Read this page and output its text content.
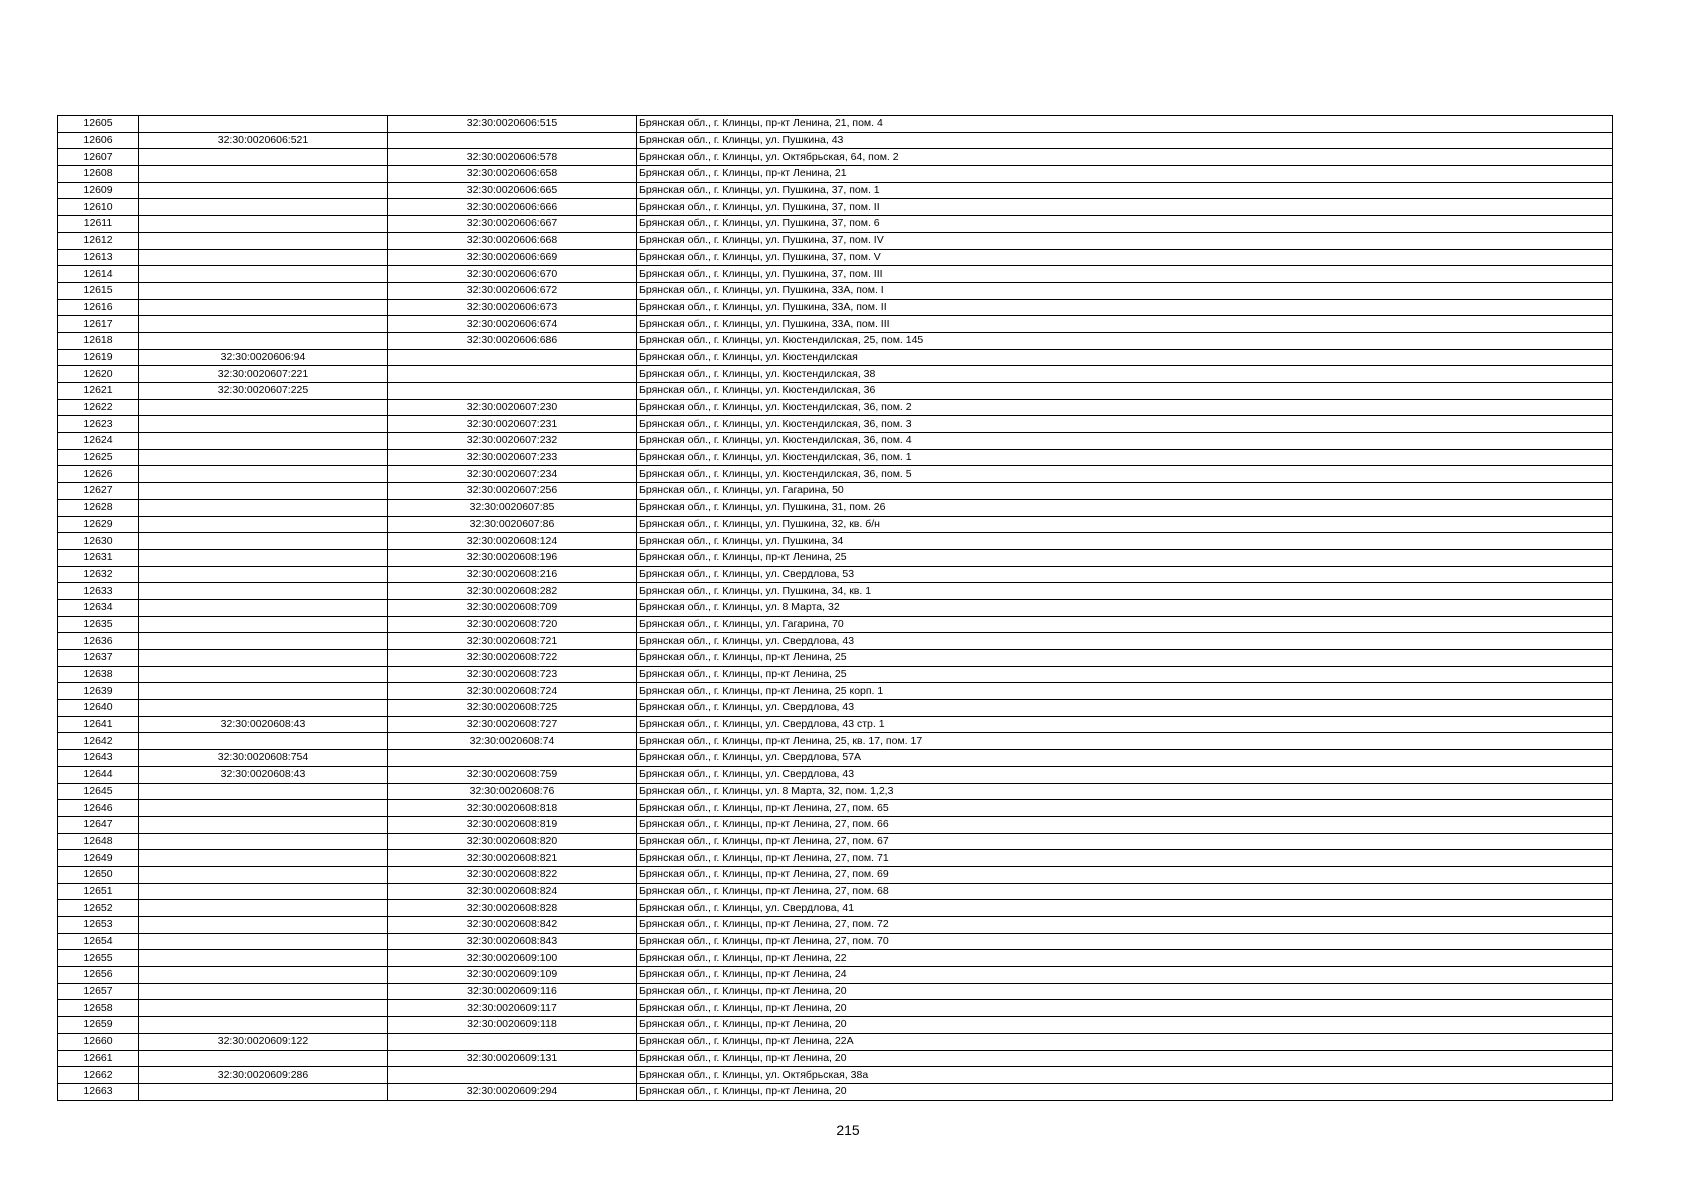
12605		32:30:0020606:515	Брянская обл., г. Клинцы, пр-кт Ленина, 21, пом. 4
12606	32:30:0020606:521		Брянская обл., г. Клинцы, ул. Пушкина, 43
12607		32:30:0020606:578	Брянская обл., г. Клинцы, ул. Октябрьская, 64, пом. 2
12608		32:30:0020606:658	Брянская обл., г. Клинцы, пр-кт Ленина, 21
12609		32:30:0020606:665	Брянская обл., г. Клинцы, ул. Пушкина, 37, пом. 1
12610		32:30:0020606:666	Брянская обл., г. Клинцы, ул. Пушкина, 37, пом. II
12611		32:30:0020606:667	Брянская обл., г. Клинцы, ул. Пушкина, 37, пом. 6
12612		32:30:0020606:668	Брянская обл., г. Клинцы, ул. Пушкина, 37, пом. IV
12613		32:30:0020606:669	Брянская обл., г. Клинцы, ул. Пушкина, 37, пом. V
12614		32:30:0020606:670	Брянская обл., г. Клинцы, ул. Пушкина, 37, пом. III
12615		32:30:0020606:672	Брянская обл., г. Клинцы, ул. Пушкина, 33А, пом. I
12616		32:30:0020606:673	Брянская обл., г. Клинцы, ул. Пушкина, 33А, пом. II
12617		32:30:0020606:674	Брянская обл., г. Клинцы, ул. Пушкина, 33А, пом. III
12618		32:30:0020606:686	Брянская обл., г. Клинцы, ул. Кюстендилская, 25, пом. 145
12619	32:30:0020606:94		Брянская обл., г. Клинцы, ул. Кюстендилская
12620	32:30:0020607:221		Брянская обл., г. Клинцы, ул. Кюстендилская, 38
12621	32:30:0020607:225		Брянская обл., г. Клинцы, ул. Кюстендилская, 36
12622		32:30:0020607:230	Брянская обл., г. Клинцы, ул. Кюстендилская, 36, пом. 2
12623		32:30:0020607:231	Брянская обл., г. Клинцы, ул. Кюстендилская, 36, пом. 3
12624		32:30:0020607:232	Брянская обл., г. Клинцы, ул. Кюстендилская, 36, пом. 4
12625		32:30:0020607:233	Брянская обл., г. Клинцы, ул. Кюстендилская, 36, пом. 1
12626		32:30:0020607:234	Брянская обл., г. Клинцы, ул. Кюстендилская, 36, пом. 5
12627		32:30:0020607:256	Брянская обл., г. Клинцы, ул. Гагарина, 50
12628		32:30:0020607:85	Брянская обл., г. Клинцы, ул. Пушкина, 31, пом. 26
12629		32:30:0020607:86	Брянская обл., г. Клинцы, ул. Пушкина, 32, кв. б/н
12630		32:30:0020608:124	Брянская обл., г. Клинцы, ул. Пушкина, 34
12631		32:30:0020608:196	Брянская обл., г. Клинцы, пр-кт Ленина, 25
12632		32:30:0020608:216	Брянская обл., г. Клинцы, ул. Свердлова, 53
12633		32:30:0020608:282	Брянская обл., г. Клинцы, ул. Пушкина, 34, кв. 1
12634		32:30:0020608:709	Брянская обл., г. Клинцы, ул. 8 Марта, 32
12635		32:30:0020608:720	Брянская обл., г. Клинцы, ул. Гагарина, 70
12636		32:30:0020608:721	Брянская обл., г. Клинцы, ул. Свердлова, 43
12637		32:30:0020608:722	Брянская обл., г. Клинцы, пр-кт Ленина, 25
12638		32:30:0020608:723	Брянская обл., г. Клинцы, пр-кт Ленина, 25
12639		32:30:0020608:724	Брянская обл., г. Клинцы, пр-кт Ленина, 25 корп. 1
12640		32:30:0020608:725	Брянская обл., г. Клинцы, ул. Свердлова, 43
12641	32:30:0020608:43	32:30:0020608:727	Брянская обл., г. Клинцы, ул. Свердлова, 43 стр. 1
12642		32:30:0020608:74	Брянская обл., г. Клинцы, пр-кт Ленина, 25, кв. 17, пом. 17
12643	32:30:0020608:754		Брянская обл., г. Клинцы, ул. Свердлова, 57А
12644	32:30:0020608:43	32:30:0020608:759	Брянская обл., г. Клинцы, ул. Свердлова, 43
12645		32:30:0020608:76	Брянская обл., г. Клинцы, ул. 8 Марта, 32, пом. 1,2,3
12646		32:30:0020608:818	Брянская обл., г. Клинцы, пр-кт Ленина, 27, пом. 65
12647		32:30:0020608:819	Брянская обл., г. Клинцы, пр-кт Ленина, 27, пом. 66
12648		32:30:0020608:820	Брянская обл., г. Клинцы, пр-кт Ленина, 27, пом. 67
12649		32:30:0020608:821	Брянская обл., г. Клинцы, пр-кт Ленина, 27, пом. 71
12650		32:30:0020608:822	Брянская обл., г. Клинцы, пр-кт Ленина, 27, пом. 69
12651		32:30:0020608:824	Брянская обл., г. Клинцы, пр-кт Ленина, 27, пом. 68
12652		32:30:0020608:828	Брянская обл., г. Клинцы, ул. Свердлова, 41
12653		32:30:0020608:842	Брянская обл., г. Клинцы, пр-кт Ленина, 27, пом. 72
12654		32:30:0020608:843	Брянская обл., г. Клинцы, пр-кт Ленина, 27, пом. 70
12655		32:30:0020609:100	Брянская обл., г. Клинцы, пр-кт Ленина, 22
12656		32:30:0020609:109	Брянская обл., г. Клинцы, пр-кт Ленина, 24
12657		32:30:0020609:116	Брянская обл., г. Клинцы, пр-кт Ленина, 20
12658		32:30:0020609:117	Брянская обл., г. Клинцы, пр-кт Ленина, 20
12659		32:30:0020609:118	Брянская обл., г. Клинцы, пр-кт Ленина, 20
12660	32:30:0020609:122		Брянская обл., г. Клинцы, пр-кт Ленина, 22А
12661		32:30:0020609:131	Брянская обл., г. Клинцы, пр-кт Ленина, 20
12662	32:30:0020609:286		Брянская обл., г. Клинцы, ул. Октябрьская, 38а
12663		32:30:0020609:294	Брянская обл., г. Клинцы, пр-кт Ленина, 20
215
